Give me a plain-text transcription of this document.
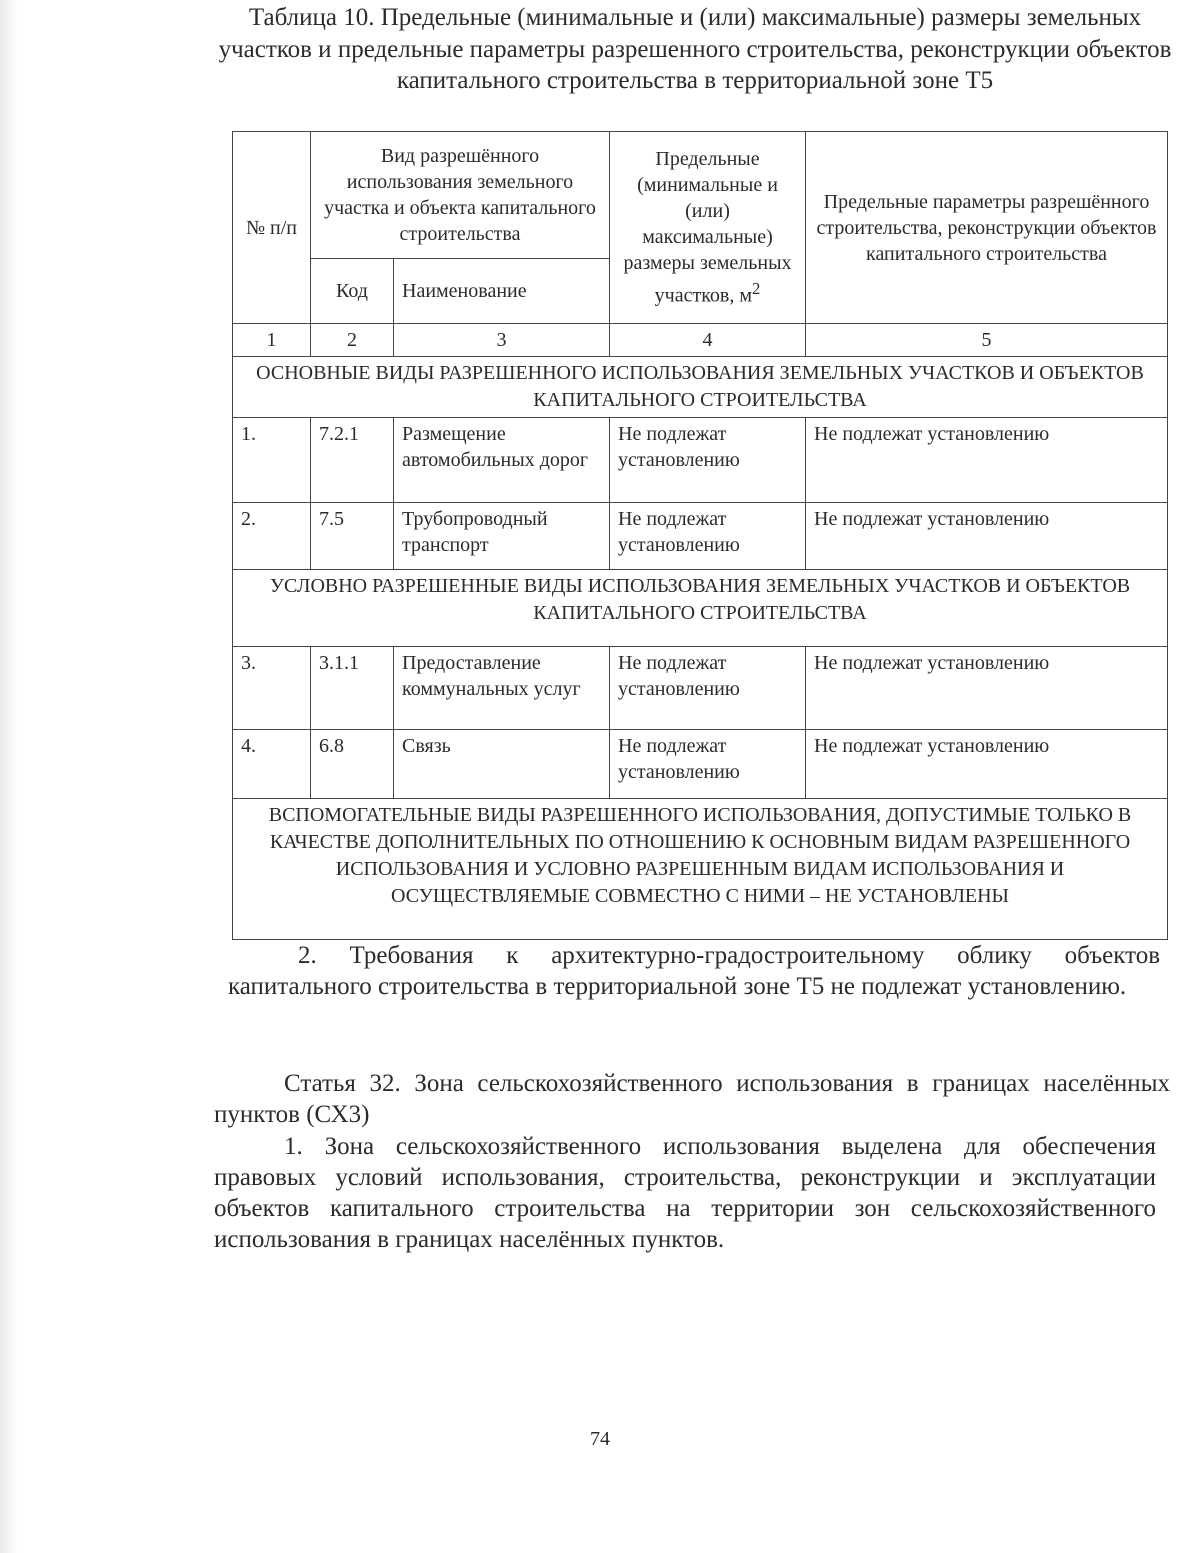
Таблица 10. Предельные (минимальные и (или) максимальные) размеры земельных участков и предельные параметры разрешенного строительства, реконструкции объектов капитального строительства в территориальной зоне Т5
№ п/п	Вид разрешённого использования земельного участка и объекта капитального строительства		Предельные (минимальные и (или) максимальные) размеры земельных участков, $м^2$	Предельные параметры разрешённого строительства, реконструкции объектов капитального строительства
	Код	Наименование		
1	2	3	4	5
ОСНОВНЫЕ ВИДЫ РАЗРЕШЕННОГО ИСПОЛЬЗОВАНИЯ ЗЕМЕЛЬНЫХ УЧАСТКОВ И ОБЪЕКТОВ КАПИТАЛЬНОГО СТРОИТЕЛЬСТВА				
1.	7.2.1	Размещение автомобильных дорог	Не подлежат установлению	Не подлежат установлению
2.	7.5	Трубопроводный транспорт	Не подлежат установлению	Не подлежат установлению
УСЛОВНО РАЗРЕШЕННЫЕ ВИДЫ ИСПОЛЬЗОВАНИЯ ЗЕМЕЛЬНЫХ УЧАСТКОВ И ОБЪЕКТОВ КАПИТАЛЬНОГО СТРОИТЕЛЬСТВА				
3.	3.1.1	Предоставление коммунальных услуг	Не подлежат установлению	Не подлежат установлению
4.	6.8	Связь	Не подлежат установлению	Не подлежат установлению
ВСПОМОГАТЕЛЬНЫЕ ВИДЫ РАЗРЕШЕННОГО ИСПОЛЬЗОВАНИЯ, ДОПУСТИМЫЕ ТОЛЬКО В КАЧЕСТВЕ ДОПОЛНИТЕЛЬНЫХ ПО ОТНОШЕНИЮ К ОСНОВНЫМ ВИДАМ РАЗРЕШЕННОГО ИСПОЛЬЗОВАНИЯ И УСЛОВНО РАЗРЕШЕННЫМ ВИДАМ ИСПОЛЬЗОВАНИЯ И ОСУЩЕСТВЛЯЕМЫЕ СОВМЕСТНО С НИМИ – НЕ УСТАНОВЛЕНЫ				
2. Требования к архитектурно-градостроительному облику объектов капитального строительства в территориальной зоне Т5 не подлежат установлению.
Статья 32. Зона сельскохозяйственного использования в границах населённых пунктов (СХ3)
1. Зона сельскохозяйственного использования выделена для обеспечения правовых условий использования, строительства, реконструкции и эксплуатации объектов капитального строительства на территории зон сельскохозяйственного использования в границах населённых пунктов.
74
